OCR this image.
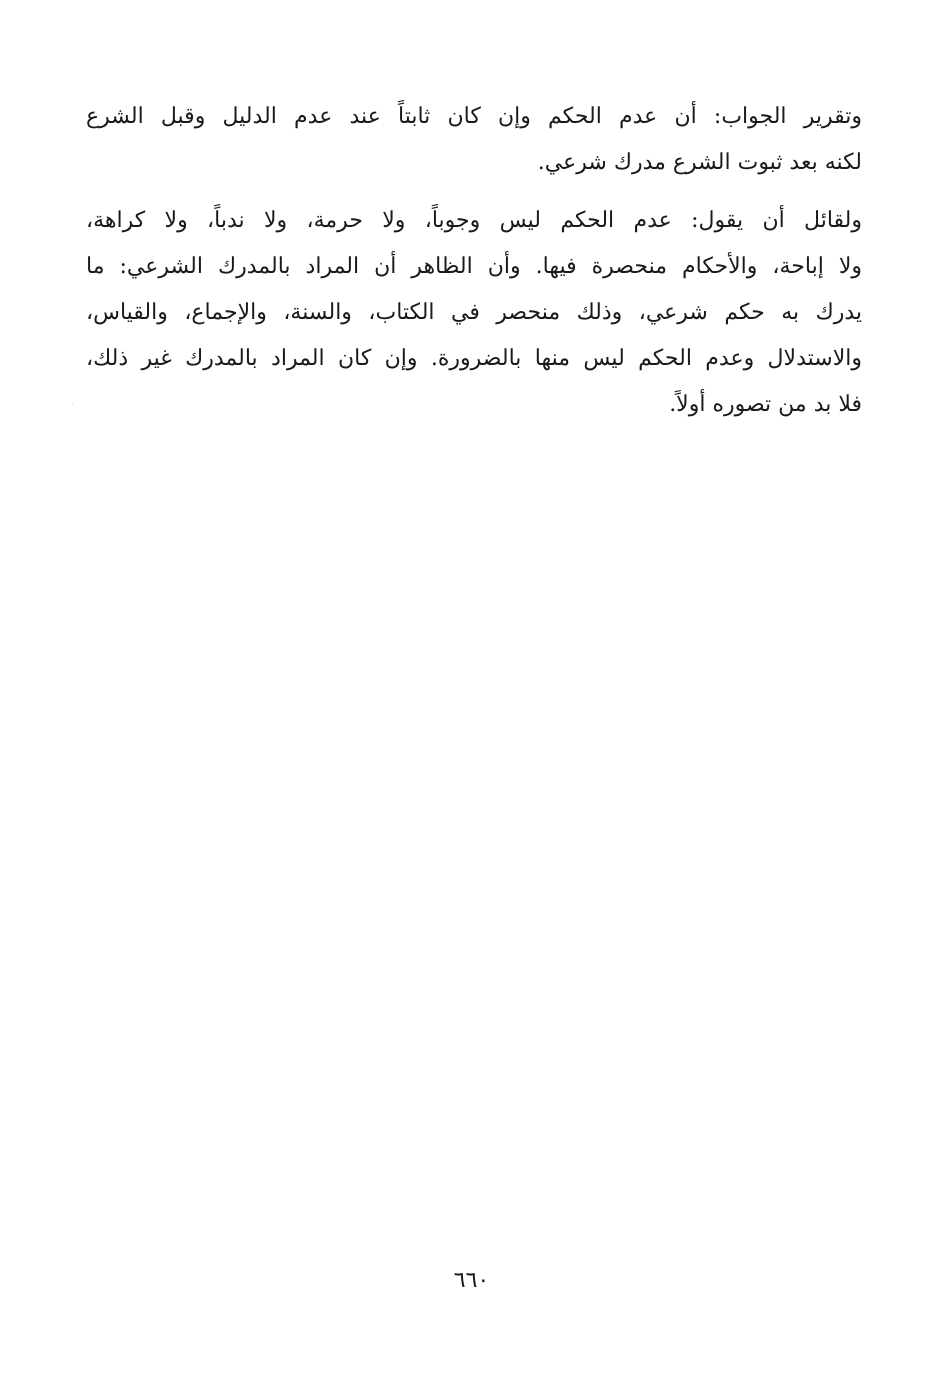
وتقرير الجواب: أن عدم الحكم وإن كان ثابتاً عند عدم الدليل وقبل الشرع
لكنه بعد ثبوت الشرع مدرك شرعي.
ولقائل أن يقول: عدم الحكم ليس وجوباً، ولا حرمة، ولا ندباً، ولا كراهة،
ولا إباحة، والأحكام منحصرة فيها. وأن الظاهر أن المراد بالمدرك الشرعي: ما
يدرك به حكم شرعي، وذلك منحصر في الكتاب، والسنة، والإجماع، والقياس،
والاستدلال وعدم الحكم ليس منها بالضرورة. وإن كان المراد بالمدرك غير ذلك،
فلا بد من تصوره أولاً.
٦٦٠
